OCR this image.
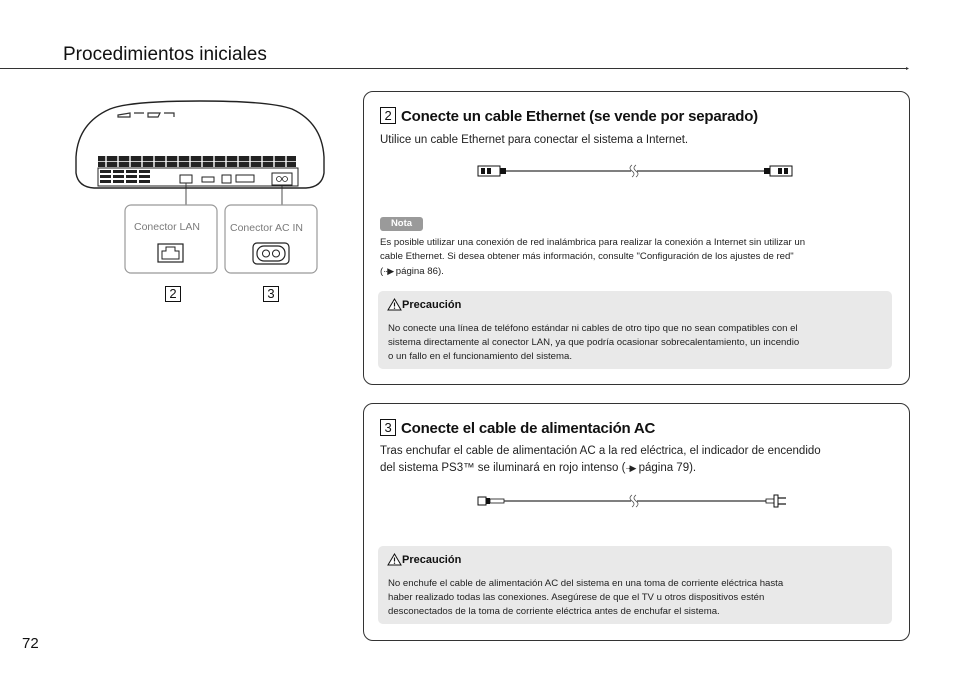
Procedimientos iniciales
▸
Conector LAN	Conector AC IN
2	3
2 Conecte un cable Ethernet (se vende por separado)
Utilice un cable Ethernet para conectar el sistema a Internet.
Nota
Es posible utilizar una conexión de red inalámbrica para realizar la conexión a Internet sin utilizar un
cable Ethernet. Si desea obtener más información, consulte "Configuración de los ajustes de red"
(··▶ página 86).
Precaución
No conecte una línea de teléfono estándar ni cables de otro tipo que no sean compatibles con el
sistema directamente al conector LAN, ya que podría ocasionar sobrecalentamiento, un incendio
o un fallo en el funcionamiento del sistema.
3 Conecte el cable de alimentación AC
Tras enchufar el cable de alimentación AC a la red eléctrica, el indicador de encendido
del sistema PS3™ se iluminará en rojo intenso (··▶ página 79).
Precaución
No enchufe el cable de alimentación AC del sistema en una toma de corriente eléctrica hasta
haber realizado todas las conexiones. Asegúrese de que el TV u otros dispositivos estén
desconectados de la toma de corriente eléctrica antes de enchufar el sistema.
72
